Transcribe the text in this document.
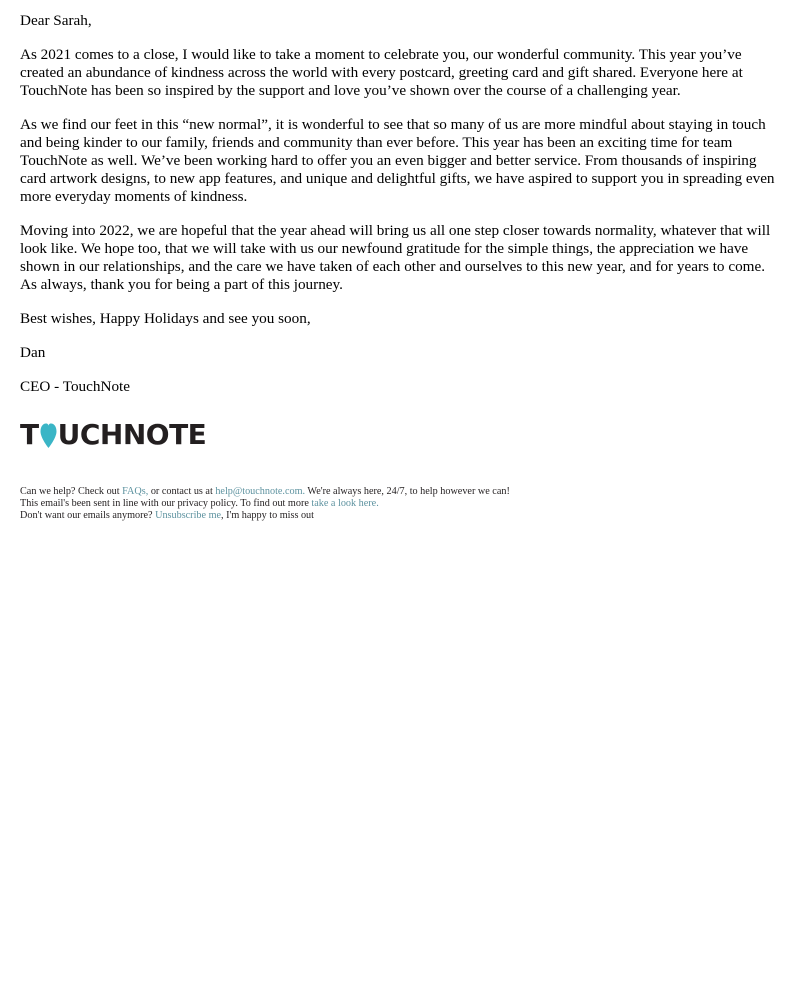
Dear Sarah,

As 2021 comes to a close, I would like to take a moment to celebrate you, our wonderful community. This year you’ve created an abundance of kindness across the world with every postcard, greeting card and gift shared. Everyone here at TouchNote has been so inspired by the support and love you’ve shown over the course of a challenging year.

As we find our feet in this “new normal”, it is wonderful to see that so many of us are more mindful about staying in touch and being kinder to our family, friends and community than ever before. This year has been an exciting time for team TouchNote as well. We’ve been working hard to offer you an even bigger and better service. From thousands of inspiring card artwork designs, to new app features, and unique and delightful gifts, we have aspired to support you in spreading even more everyday moments of kindness.

Moving into 2022, we are hopeful that the year ahead will bring us all one step closer towards normality, whatever that will look like. We hope too, that we will take with us our newfound gratitude for the simple things, the appreciation we have shown in our relationships, and the care we have taken of each other and ourselves to this new year, and for years to come. As always, thank you for being a part of this journey.

Best wishes, Happy Holidays and see you soon,
Dan
CEO - TouchNote
T UCHNOTE
Can we help? Check out FAQs, or contact us at help@touchnote.com. We're always here, 24/7, to help however we can!
This email's been sent in line with our privacy policy. To find out more take a look here.
Don't want our emails anymore? Unsubscribe me, I'm happy to miss out
